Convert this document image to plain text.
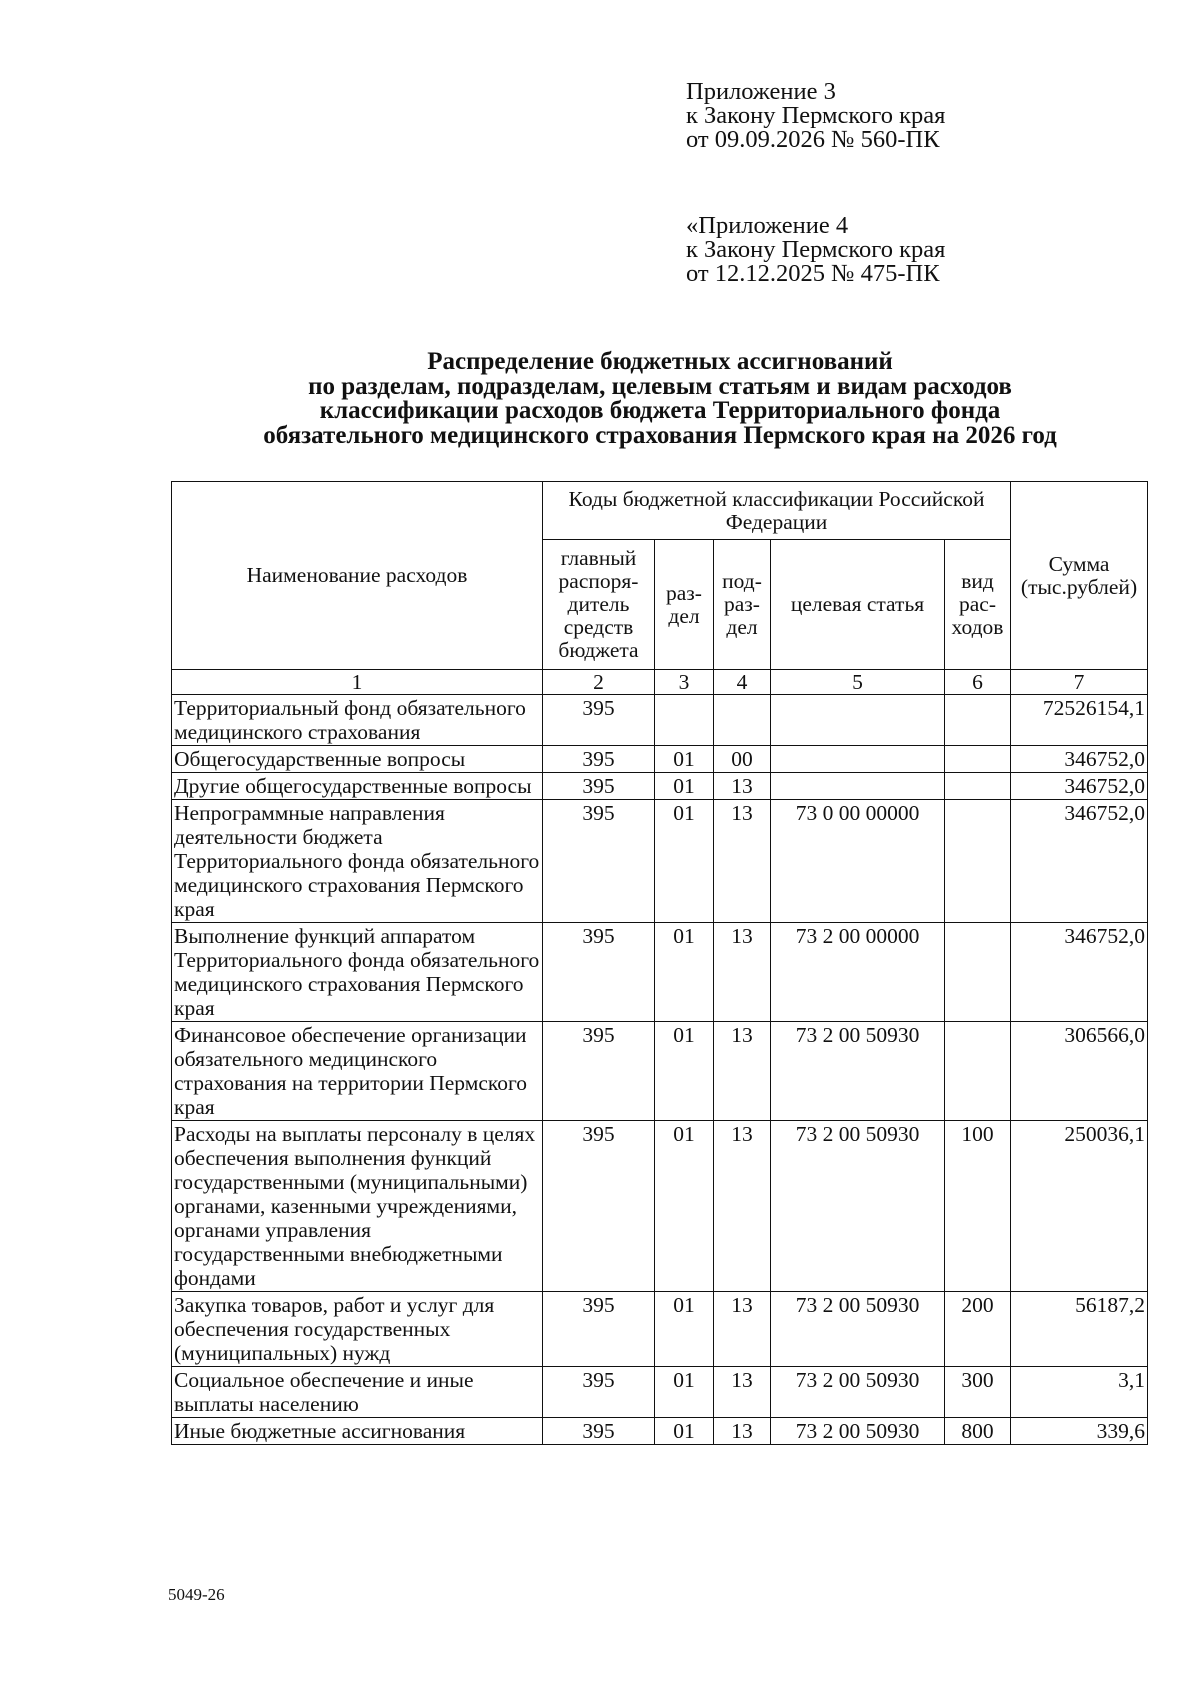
Приложение 3
к Закону Пермского края
от 09.09.2026 № 560-ПК
«Приложение 4
к Закону Пермского края
от 12.12.2025 № 475-ПК
Распределение бюджетных ассигнований
по разделам, подразделам, целевым статьям и видам расходов
классификации расходов бюджета Территориального фонда
обязательного медицинского страхования Пермского края на 2026 год
Наименование расходов	Коды бюджетной классификации Российской Федерации					Сумма (тыс.рублей)
	главный распоря-дитель средств бюджета	раз-дел	под-раз-дел	целевая статья	вид рас-ходов	
1	2	3	4	5	6	7
Территориальный фонд обязательного медицинского страхования	395					72526154,1
Общегосударственные вопросы	395	01	00			346752,0
Другие общегосударственные вопросы	395	01	13			346752,0
Непрограммные направления деятельности бюджета Территориального фонда обязательного медицинского страхования Пермского края	395	01	13	73 0 00 00000		346752,0
Выполнение функций аппаратом Территориального фонда обязательного медицинского страхования Пермского края	395	01	13	73 2 00 00000		346752,0
Финансовое обеспечение организации обязательного медицинского страхования на территории Пермского края	395	01	13	73 2 00 50930		306566,0
Расходы на выплаты персоналу в целях обеспечения выполнения функций государственными (муниципальными) органами, казенными учреждениями, органами управления государственными внебюджетными фондами	395	01	13	73 2 00 50930	100	250036,1
Закупка товаров, работ и услуг для обеспечения государственных (муниципальных) нужд	395	01	13	73 2 00 50930	200	56187,2
Социальное обеспечение и иные выплаты населению	395	01	13	73 2 00 50930	300	3,1
Иные бюджетные ассигнования	395	01	13	73 2 00 50930	800	339,6
5049-26
